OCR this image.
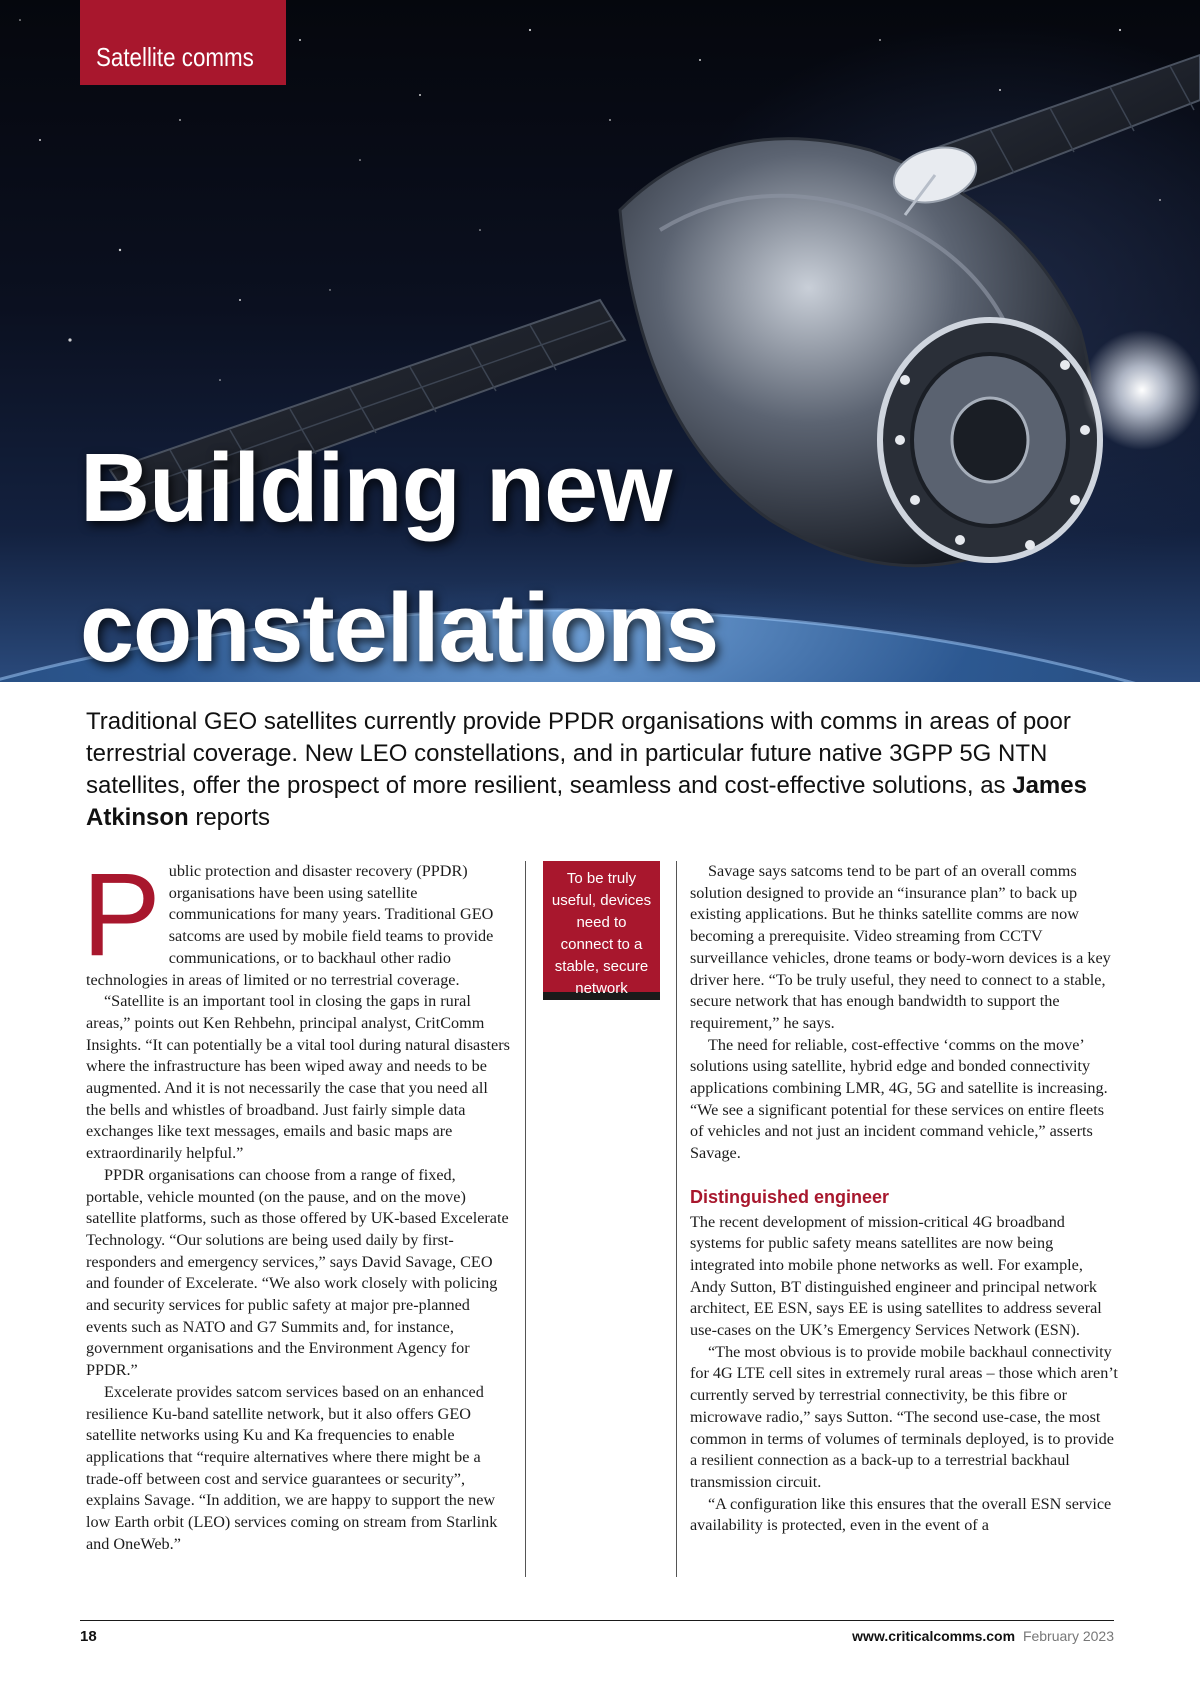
Satellite comms
Building new
constellations

Traditional GEO satellites currently provide PPDR organisations with comms in areas of poor terrestrial coverage. New LEO constellations, and in particular future native 3GPP 5G NTN satellites, offer the prospect of more resilient, seamless and cost-effective solutions, as James Atkinson reports

P ublic protection and disaster recovery (PPDR) organisations have been using satellite communications for many years. Traditional GEO satcoms are used by mobile field teams to provide communications, or to backhaul other radio technologies in areas of limited or no terrestrial coverage.

“Satellite is an important tool in closing the gaps in rural areas,” points out Ken Rehbehn, principal analyst, CritComm Insights. “It can potentially be a vital tool during natural disasters where the infrastructure has been wiped away and needs to be augmented. And it is not necessarily the case that you need all the bells and whistles of broadband. Just fairly simple data exchanges like text messages, emails and basic maps are extraordinarily helpful.”

PPDR organisations can choose from a range of fixed, portable, vehicle mounted (on the pause, and on the move) satellite platforms, such as those offered by UK-based Excelerate Technology. “Our solutions are being used daily by first-responders and emergency services,” says David Savage, CEO and founder of Excelerate. “We also work closely with policing and security services for public safety at major pre-planned events such as NATO and G7 Summits and, for instance, government organisations and the Environment Agency for PPDR.”

Excelerate provides satcom services based on an enhanced resilience Ku-band satellite network, but it also offers GEO satellite networks using Ku and Ka frequencies to enable applications that “require alternatives where there might be a trade-off between cost and service guarantees or security”, explains Savage. “In addition, we are happy to support the new low Earth orbit (LEO) services coming on stream from Starlink and OneWeb.”

To be truly useful, devices need to connect to a stable, secure network

Savage says satcoms tend to be part of an overall comms solution designed to provide an “insurance plan” to back up existing applications. But he thinks satellite comms are now becoming a prerequisite. Video streaming from CCTV surveillance vehicles, drone teams or body-worn devices is a key driver here. “To be truly useful, they need to connect to a stable, secure network that has enough bandwidth to support the requirement,” he says.

The need for reliable, cost-effective ‘comms on the move’ solutions using satellite, hybrid edge and bonded connectivity applications combining LMR, 4G, 5G and satellite is increasing. “We see a significant potential for these services on entire fleets of vehicles and not just an incident command vehicle,” asserts Savage.

Distinguished engineer

The recent development of mission-critical 4G broadband systems for public safety means satellites are now being integrated into mobile phone networks as well. For example, Andy Sutton, BT distinguished engineer and principal network architect, EE ESN, says EE is using satellites to address several use-cases on the UK’s Emergency Services Network (ESN).

“The most obvious is to provide mobile backhaul connectivity for 4G LTE cell sites in extremely rural areas – those which aren’t currently served by terrestrial connectivity, be this fibre or microwave radio,” says Sutton. “The second use-case, the most common in terms of volumes of terminals deployed, is to provide a resilient connection as a back-up to a terrestrial backhaul transmission circuit.

“A configuration like this ensures that the overall ESN service availability is protected, even in the event of a

18	www.criticalcomms.com February 2023
